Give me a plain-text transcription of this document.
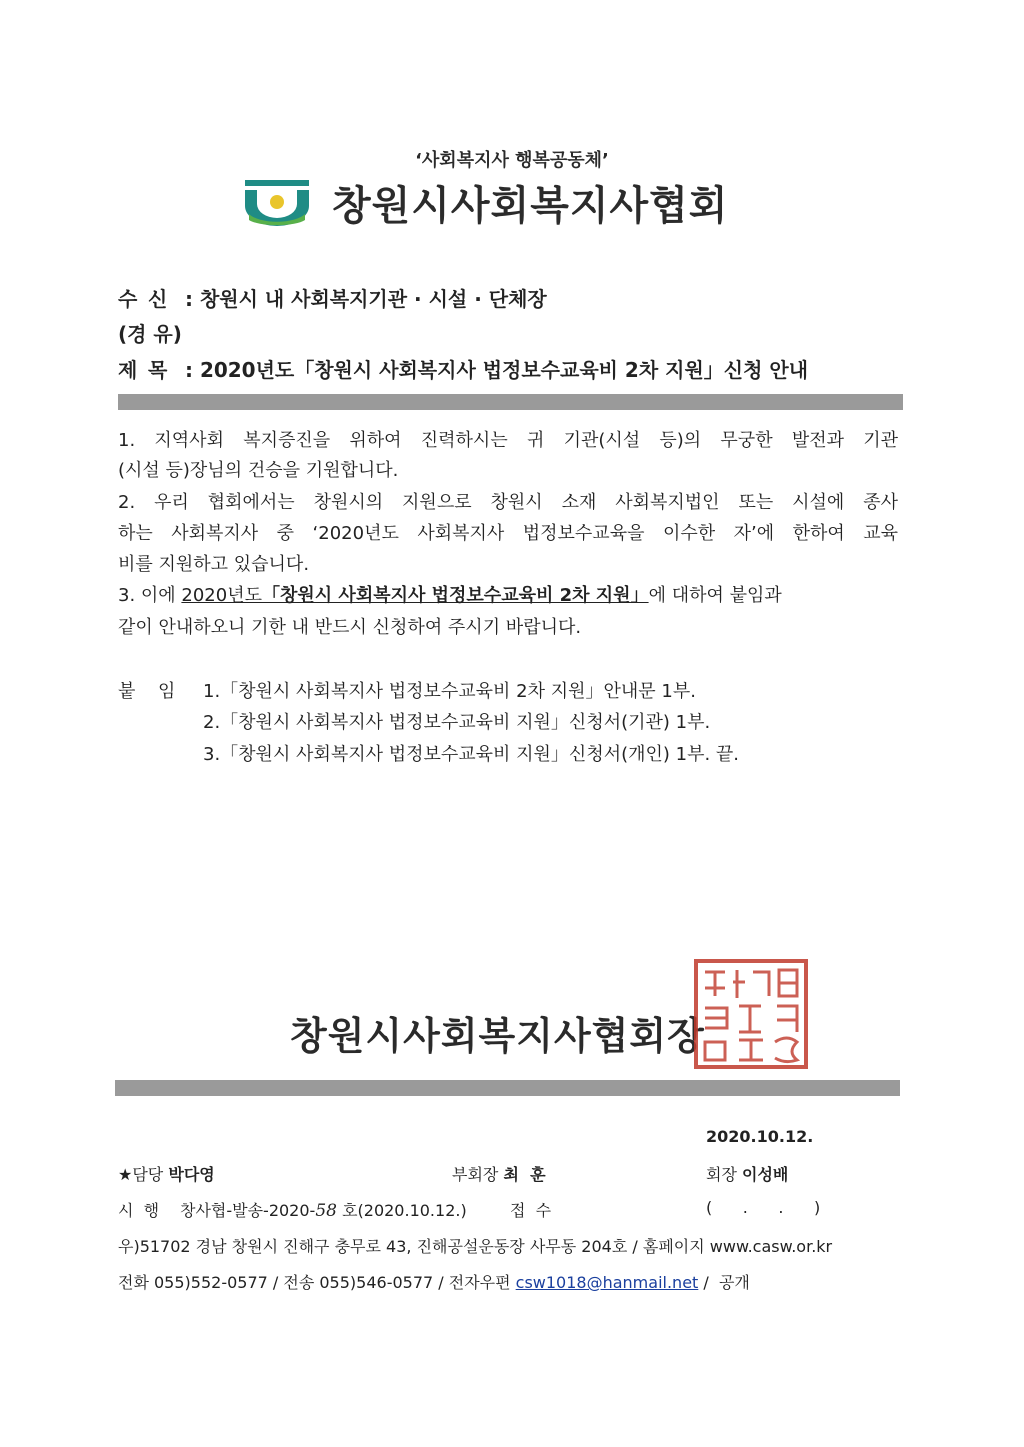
‘사회복지사 행복공동체’
창원시사회복지사협회
수 신 : 창원시 내 사회복지기관 · 시설 · 단체장
(경 유)
제 목 : 2020년도「창원시 사회복지사 법정보수교육비 2차 지원」신청 안내
1. 지역사회 복지증진을 위하여 진력하시는 귀 기관(시설 등)의 무궁한 발전과 기관
(시설 등)장님의 건승을 기원합니다.
2. 우리 협회에서는 창원시의 지원으로 창원시 소재 사회복지법인 또는 시설에 종사
하는 사회복지사 중 ‘2020년도 사회복지사 법정보수교육을 이수한 자’에 한하여 교육
비를 지원하고 있습니다.
3. 이에 2020년도「창원시 사회복지사 법정보수교육비 2차 지원」에 대하여 붙임과
같이 안내하오니 기한 내 반드시 신청하여 주시기 바랍니다.
붙 임 1.「창원시 사회복지사 법정보수교육비 2차 지원」안내문 1부.
2.「창원시 사회복지사 법정보수교육비 지원」신청서(기관) 1부.
3.「창원시 사회복지사 법정보수교육비 지원」신청서(개인) 1부. 끝.
창원시사회복지사협회장
2020.10.12.
★담당 박다영	부회장 최  훈	회장 이성배
시  행 창사협-발송-2020-58 호(2020.10.12.)	접  수	(      .      .      )
우)51702 경남 창원시 진해구 충무로 43, 진해공설운동장 사무동 204호 / 홈페이지 www.casw.or.kr
전화 055)552-0577 / 전송 055)546-0577 / 전자우편 csw1018@hanmail.net /  공개
